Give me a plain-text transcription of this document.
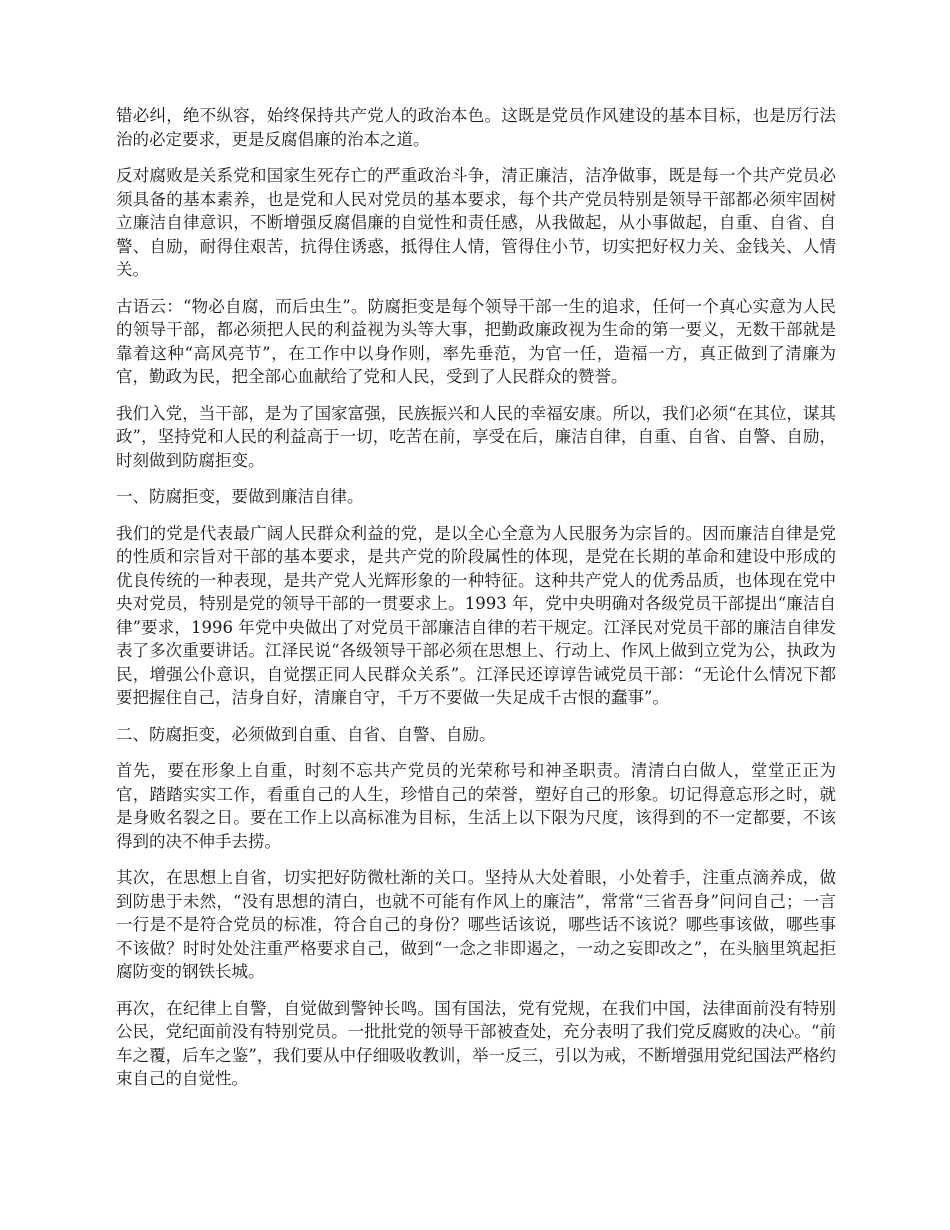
错必纠，绝不纵容，始终保持共产党人的政治本色。这既是党员作风建设的基本目标，也是厉行法治的必定要求，更是反腐倡廉的治本之道。

反对腐败是关系党和国家生死存亡的严重政治斗争，清正廉洁，洁净做事，既是每一个共产党员必须具备的基本素养，也是党和人民对党员的基本要求，每个共产党员特别是领导干部都必须牢固树立廉洁自律意识，不断增强反腐倡廉的自觉性和责任感，从我做起，从小事做起，自重、自省、自警、自励，耐得住艰苦，抗得住诱惑，抵得住人情，管得住小节，切实把好权力关、金钱关、人情关。

古语云：“物必自腐，而后虫生”。防腐拒变是每个领导干部一生的追求，任何一个真心实意为人民的领导干部，都必须把人民的利益视为头等大事，把勤政廉政视为生命的第一要义，无数干部就是靠着这种“高风亮节”，在工作中以身作则，率先垂范，为官一任，造福一方，真正做到了清廉为官，勤政为民，把全部心血献给了党和人民，受到了人民群众的赞誉。

我们入党，当干部，是为了国家富强，民族振兴和人民的幸福安康。所以，我们必须“在其位，谋其政”，坚持党和人民的利益高于一切，吃苦在前，享受在后，廉洁自律，自重、自省、自警、自励，时刻做到防腐拒变。

一、防腐拒变，要做到廉洁自律。

我们的党是代表最广阔人民群众利益的党，是以全心全意为人民服务为宗旨的。因而廉洁自律是党的性质和宗旨对干部的基本要求，是共产党的阶段属性的体现，是党在长期的革命和建设中形成的优良传统的一种表现，是共产党人光辉形象的一种特征。这种共产党人的优秀品质，也体现在党中央对党员，特别是党的领导干部的一贯要求上。1993 年，党中央明确对各级党员干部提出“廉洁自律”要求，1996 年党中央做出了对党员干部廉洁自律的若干规定。江泽民对党员干部的廉洁自律发表了多次重要讲话。江泽民说“各级领导干部必须在思想上、行动上、作风上做到立党为公，执政为民，增强公仆意识，自觉摆正同人民群众关系”。江泽民还谆谆告诫党员干部：“无论什么情况下都要把握住自己，洁身自好，清廉自守，千万不要做一失足成千古恨的蠢事”。

二、防腐拒变，必须做到自重、自省、自警、自励。

首先，要在形象上自重，时刻不忘共产党员的光荣称号和神圣职责。清清白白做人，堂堂正正为官，踏踏实实工作，看重自己的人生，珍惜自己的荣誉，塑好自己的形象。切记得意忘形之时，就是身败名裂之日。要在工作上以高标准为目标，生活上以下限为尺度，该得到的不一定都要，不该得到的决不伸手去捞。

其次，在思想上自省，切实把好防微杜渐的关口。坚持从大处着眼，小处着手，注重点滴养成，做到防患于未然，“没有思想的清白，也就不可能有作风上的廉洁”，常常“三省吾身”问问自己；一言一行是不是符合党员的标准，符合自己的身份？哪些话该说，哪些话不该说？哪些事该做，哪些事不该做？时时处处注重严格要求自己，做到“一念之非即遏之，一动之妄即改之”，在头脑里筑起拒腐防变的钢铁长城。

再次，在纪律上自警，自觉做到警钟长鸣。国有国法，党有党规，在我们中国，法律面前没有特别公民，党纪面前没有特别党员。一批批党的领导干部被查处，充分表明了我们党反腐败的决心。“前车之覆，后车之鉴”，我们要从中仔细吸收教训，举一反三，引以为戒，不断增强用党纪国法严格约束自己的自觉性。
